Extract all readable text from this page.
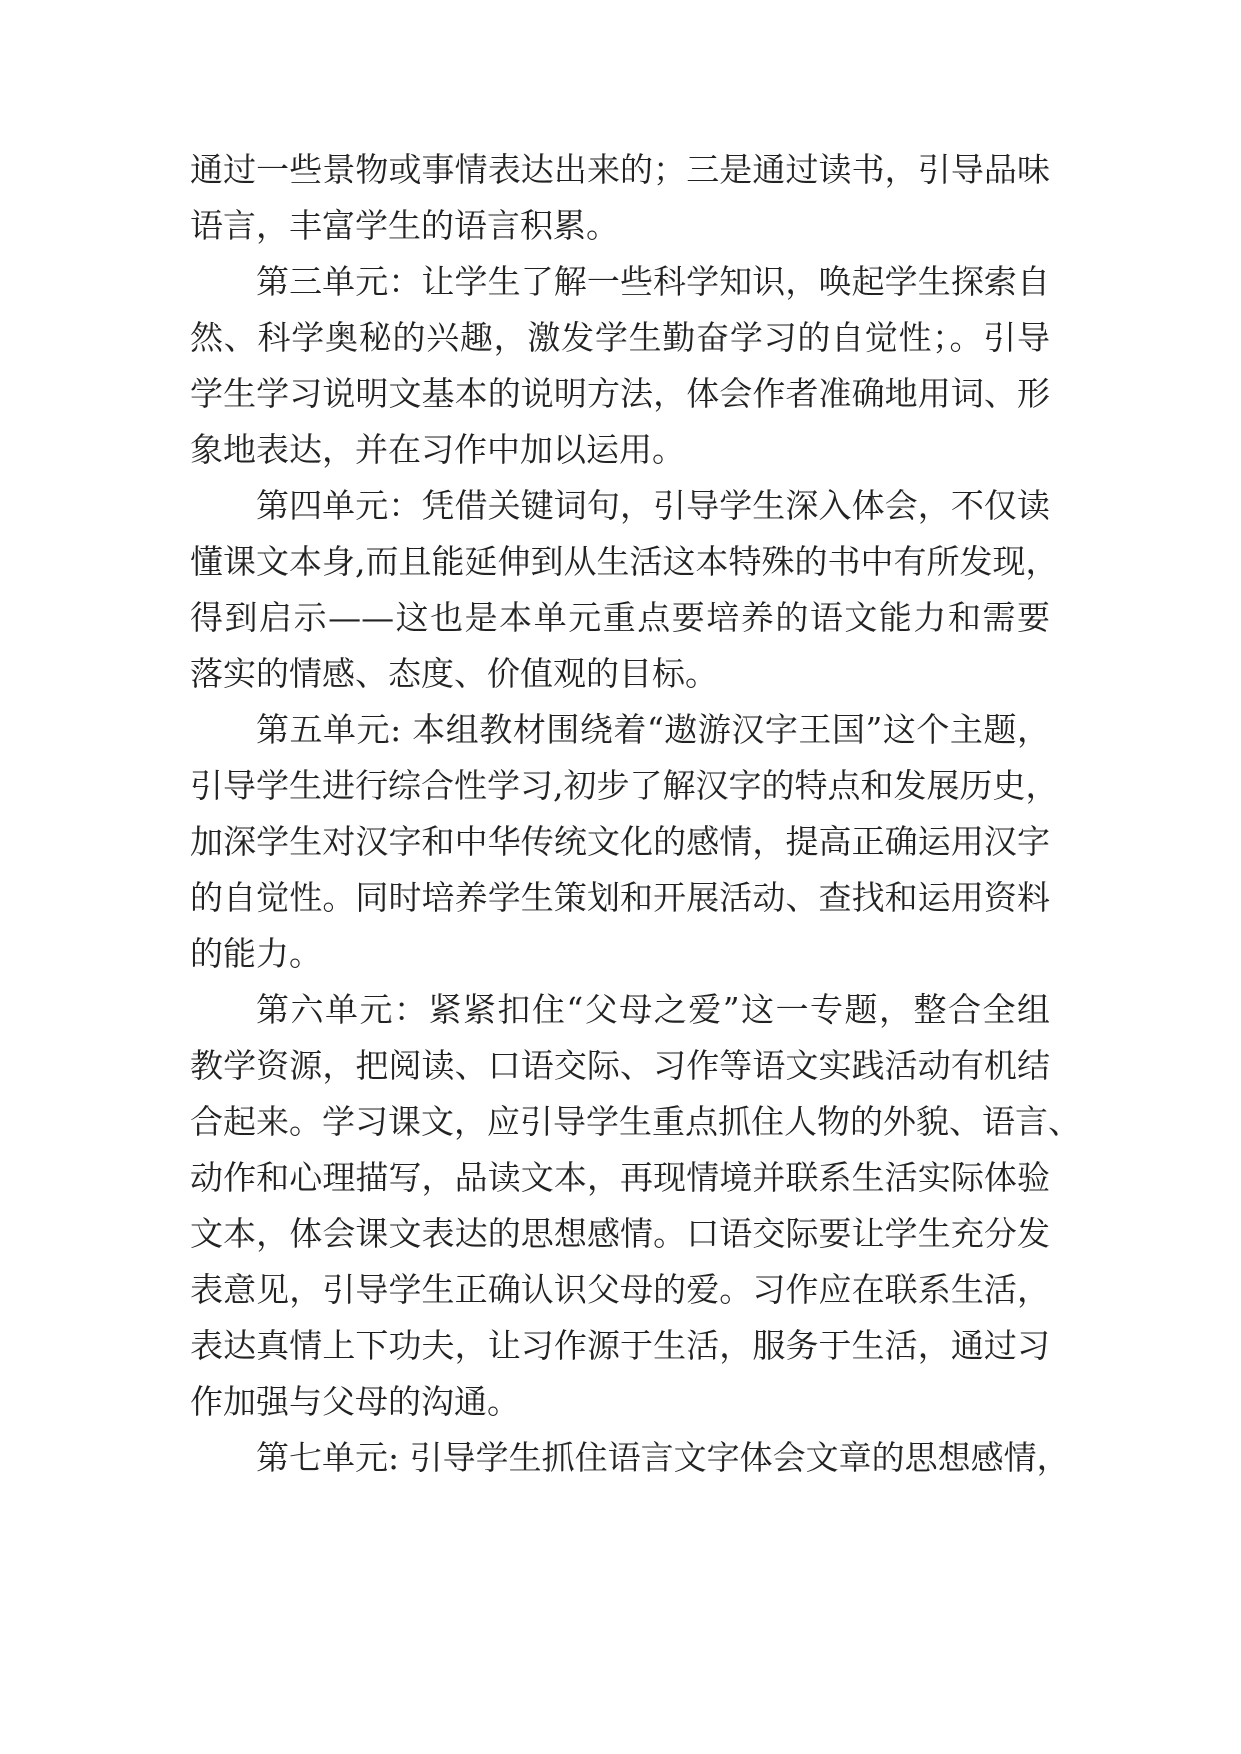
通过一些景物或事情表达出来的；三是通过读书，引导品味
语言，丰富学生的语言积累。
第三单元：让学生了解一些科学知识，唤起学生探索自
然、科学奥秘的兴趣，激发学生勤奋学习的自觉性；。引导
学生学习说明文基本的说明方法，体会作者准确地用词、形
象地表达，并在习作中加以运用。
第四单元：凭借关键词句，引导学生深入体会，不仅读
懂课文本身,而且能延伸到从生活这本特殊的书中有所发现，
得到启示——这也是本单元重点要培养的语文能力和需要
落实的情感、态度、价值观的目标。
第五单元: 本组教材围绕着“遨游汉字王国”这个主题，
引导学生进行综合性学习,初步了解汉字的特点和发展历史，
加深学生对汉字和中华传统文化的感情，提高正确运用汉字
的自觉性。同时培养学生策划和开展活动、查找和运用资料
的能力。
第六单元：紧紧扣住“父母之爱”这一专题，整合全组
教学资源，把阅读、口语交际、习作等语文实践活动有机结
合起来。学习课文，应引导学生重点抓住人物的外貌、语言、
动作和心理描写，品读文本，再现情境并联系生活实际体验
文本，体会课文表达的思想感情。口语交际要让学生充分发
表意见，引导学生正确认识父母的爱。习作应在联系生活，
表达真情上下功夫，让习作源于生活，服务于生活，通过习
作加强与父母的沟通。
第七单元: 引导学生抓住语言文字体会文章的思想感情，
